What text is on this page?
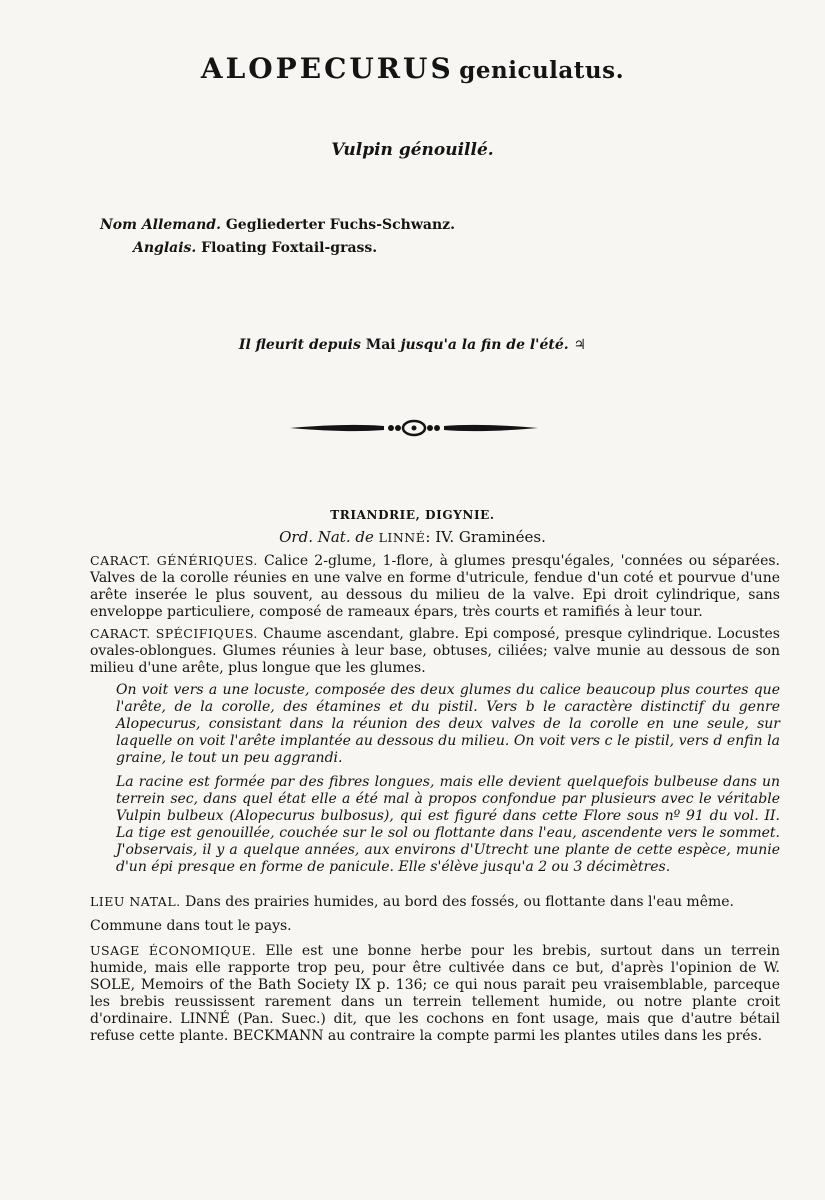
ALOPECURUS geniculatus.
Vulpin génouillé.
Nom Allemand. Gegliederter Fuchs-Schwanz.
Anglais. Floating Foxtail-grass.
Il fleurit depuis Mai jusqu'a la fin de l'été. ♃
TRIANDRIE, DIGYNIE.
Ord. Nat. de LINNÉ: IV. Graminées.
CARACT. GÉNÉRIQUES. Calice 2-glume, 1-flore, à glumes presqu'égales, 'connées ou séparées. Valves de la corolle réunies en une valve en forme d'utricule, fendue d'un coté et pourvue d'une arête inserée le plus souvent, au dessous du milieu de la valve. Epi droit cylindrique, sans enveloppe particuliere, composé de rameaux épars, très courts et ramifiés à leur tour.
CARACT. SPÉCIFIQUES. Chaume ascendant, glabre. Epi composé, presque cylindrique. Locustes ovales-oblongues. Glumes réunies à leur base, obtuses, ciliées; valve munie au dessous de son milieu d'une arête, plus longue que les glumes.
On voit vers a une locuste, composée des deux glumes du calice beaucoup plus courtes que l'arête, de la corolle, des étamines et du pistil. Vers b le caractère distinctif du genre Alopecurus, consistant dans la réunion des deux valves de la corolle en une seule, sur laquelle on voit l'arête implantée au dessous du milieu. On voit vers c le pistil, vers d enfin la graine, le tout un peu aggrandi.
La racine est formée par des fibres longues, mais elle devient quelquefois bulbeuse dans un terrein sec, dans quel état elle a été mal à propos confondue par plusieurs avec le véritable Vulpin bulbeux (Alopecurus bulbosus), qui est figuré dans cette Flore sous nº 91 du vol. II. La tige est genouillée, couchée sur le sol ou flottante dans l'eau, ascendente vers le sommet. J'observais, il y a quelque années, aux environs d'Utrecht une plante de cette espèce, munie d'un épi presque en forme de panicule. Elle s'élève jusqu'a 2 ou 3 décimètres.
LIEU NATAL. Dans des prairies humides, au bord des fossés, ou flottante dans l'eau même.
Commune dans tout le pays.
USAGE ÉCONOMIQUE. Elle est une bonne herbe pour les brebis, surtout dans un terrein humide, mais elle rapporte trop peu, pour être cultivée dans ce but, d'après l'opinion de W. SOLE, Memoirs of the Bath Society IX p. 136; ce qui nous parait peu vraisemblable, parceque les brebis reussissent rarement dans un terrein tellement humide, ou notre plante croit d'ordinaire. LINNÉ (Pan. Suec.) dit, que les cochons en font usage, mais que d'autre bétail refuse cette plante. BECKMANN au contraire la compte parmi les plantes utiles dans les prés.
